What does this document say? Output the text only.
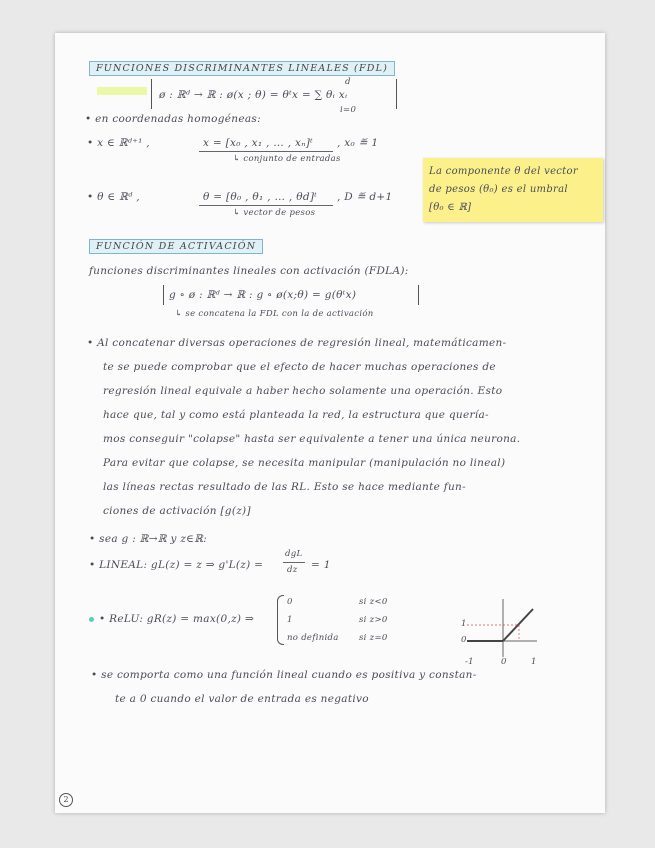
FUNCIONES DISCRIMINANTES LINEALES (FDL)
ø : ℝᵈ → ℝ : ø(x ; θ) = θᵗx = ∑ θᵢ xᵢ
d
i=0
• en coordenadas homogéneas:
• x ∈ ℝᵈ⁺¹ ,	x = [x₀ , x₁ , … , xₙ]ᵗ , x₀ ≝ 1
↳ conjunto de entradas
• θ ∈ ℝᵈ ,	θ = [θ₀ , θ₁ , … , θd]ᵗ , D ≝ d+1
↳ vector de pesos
La componente θ del vector
de pesos (θ₀) es el umbral
[θ₀ ∈ ℝ]
FUNCIÓN DE ACTIVACIÓN
funciones discriminantes lineales con activación (FDLA):
g ∘ ø : ℝᵈ → ℝ : g ∘ ø(x;θ) = g(θᵗx)
↳ se concatena la FDL con la de activación
• Al concatenar diversas operaciones de regresión lineal, matemáticamen-
te se puede comprobar que el efecto de hacer muchas operaciones de
regresión lineal equivale a haber hecho solamente una operación. Esto
hace que, tal y como está planteada la red, la estructura que quería-
mos conseguir "colapse" hasta ser equivalente a tener una única neurona.
Para evitar que colapse, se necesita manipular (manipulación no lineal)
las líneas rectas resultado de las RL. Esto se hace mediante fun-
ciones de activación [g(z)]
• sea g : ℝ→ℝ y z∈ℝ:
• LINEAL: gL(z) = z ⇒ g'L(z) =
dgL
dz = 1
• ReLU: gR(z) = max(0,z) ⇒
0	si z<0
1	si z>0
no definida si z=0
1
0
-1	0	1
• se comporta como una función lineal cuando es positiva y constan-
te a 0 cuando el valor de entrada es negativo
2
